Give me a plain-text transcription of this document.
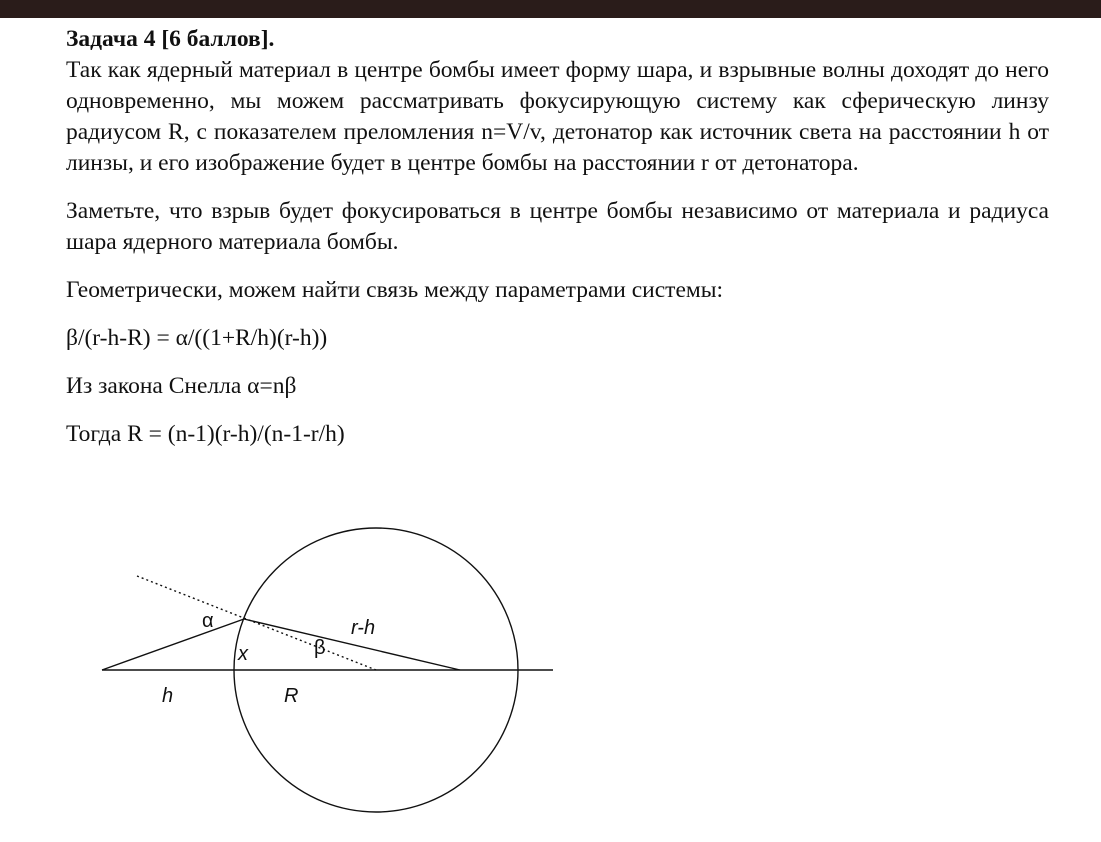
Задача 4 [6 баллов].

Так как ядерный материал в центре бомбы имеет форму шара, и взрывные волны доходят до него одновременно, мы можем рассматривать фокусирующую систему как сферическую линзу радиусом R, с показателем преломления n=V/v, детонатор как источник света на расстоянии h от линзы, и его изображение будет в центре бомбы на расстоянии r от детонатора.

Заметьте, что взрыв будет фокусироваться в центре бомбы независимо от материала и радиуса шара ядерного материала бомбы.

Геометрически, можем найти связь между параметрами системы:

β/(r-h-R) = α/((1+R/h)(r-h))

Из закона Снелла α=nβ

Тогда R = (n-1)(r-h)/(n-1-r/h)

α
x	β
r-h
h	R
